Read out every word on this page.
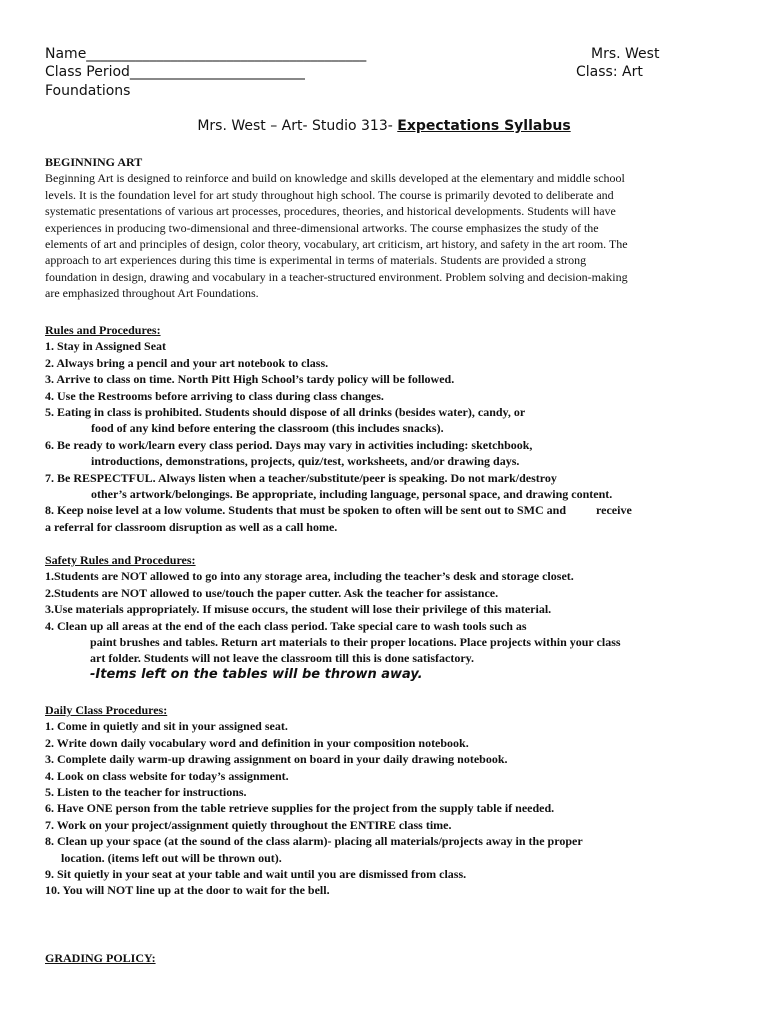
Name________________________________________
Class Period_________________________
Foundations
Mrs. West
Class: Art
Mrs. West – Art- Studio 313- Expectations Syllabus
BEGINNING ART
Beginning Art is designed to reinforce and build on knowledge and skills developed at the elementary and middle school
levels. It is the foundation level for art study throughout high school. The course is primarily devoted to deliberate and
systematic presentations of various art processes, procedures, theories, and historical developments. Students will have
experiences in producing two-dimensional and three-dimensional artworks. The course emphasizes the study of the
elements of art and principles of design, color theory, vocabulary, art criticism, art history, and safety in the art room. The
approach to art experiences during this time is experimental in terms of materials. Students are provided a strong
foundation in design, drawing and vocabulary in a teacher-structured environment. Problem solving and decision-making
are emphasized throughout Art Foundations.
Rules and Procedures:
1. Stay in Assigned Seat
2. Always bring a pencil and your art notebook to class.
3. Arrive to class on time. North Pitt High School’s tardy policy will be followed.
4. Use the Restrooms before arriving to class during class changes.
5. Eating in class is prohibited. Students should dispose of all drinks (besides water), candy, or
food of any kind before entering the classroom (this includes snacks).
6. Be ready to work/learn every class period. Days may vary in activities including: sketchbook,
introductions, demonstrations, projects, quiz/test, worksheets, and/or drawing days.
7. Be RESPECTFUL. Always listen when a teacher/substitute/peer is speaking. Do not mark/destroy
other’s artwork/belongings. Be appropriate, including language, personal space, and drawing content.
8. Keep noise level at a low volume. Students that must be spoken to often will be sent out to SMC and          receive
a referral for classroom disruption as well as a call home.
Safety Rules and Procedures:
1.Students are NOT allowed to go into any storage area, including the teacher’s desk and storage closet.
2.Students are NOT allowed to use/touch the paper cutter. Ask the teacher for assistance.
3.Use materials appropriately. If misuse occurs, the student will lose their privilege of this material.
4. Clean up all areas at the end of the each class period. Take special care to wash tools such as
paint brushes and tables. Return art materials to their proper locations. Place projects within your class
art folder. Students will not leave the classroom till this is done satisfactory.
-Items left on the tables will be thrown away.
Daily Class Procedures:
1. Come in quietly and sit in your assigned seat.
2. Write down daily vocabulary word and definition in your composition notebook.
3. Complete daily warm-up drawing assignment on board in your daily drawing notebook.
4. Look on class website for today’s assignment.
5. Listen to the teacher for instructions.
6. Have ONE person from the table retrieve supplies for the project from the supply table if needed.
7. Work on your project/assignment quietly throughout the ENTIRE class time.
8. Clean up your space (at the sound of the class alarm)- placing all materials/projects away in the proper
location. (items left out will be thrown out).
9. Sit quietly in your seat at your table and wait until you are dismissed from class.
10. You will NOT line up at the door to wait for the bell.
GRADING POLICY:
